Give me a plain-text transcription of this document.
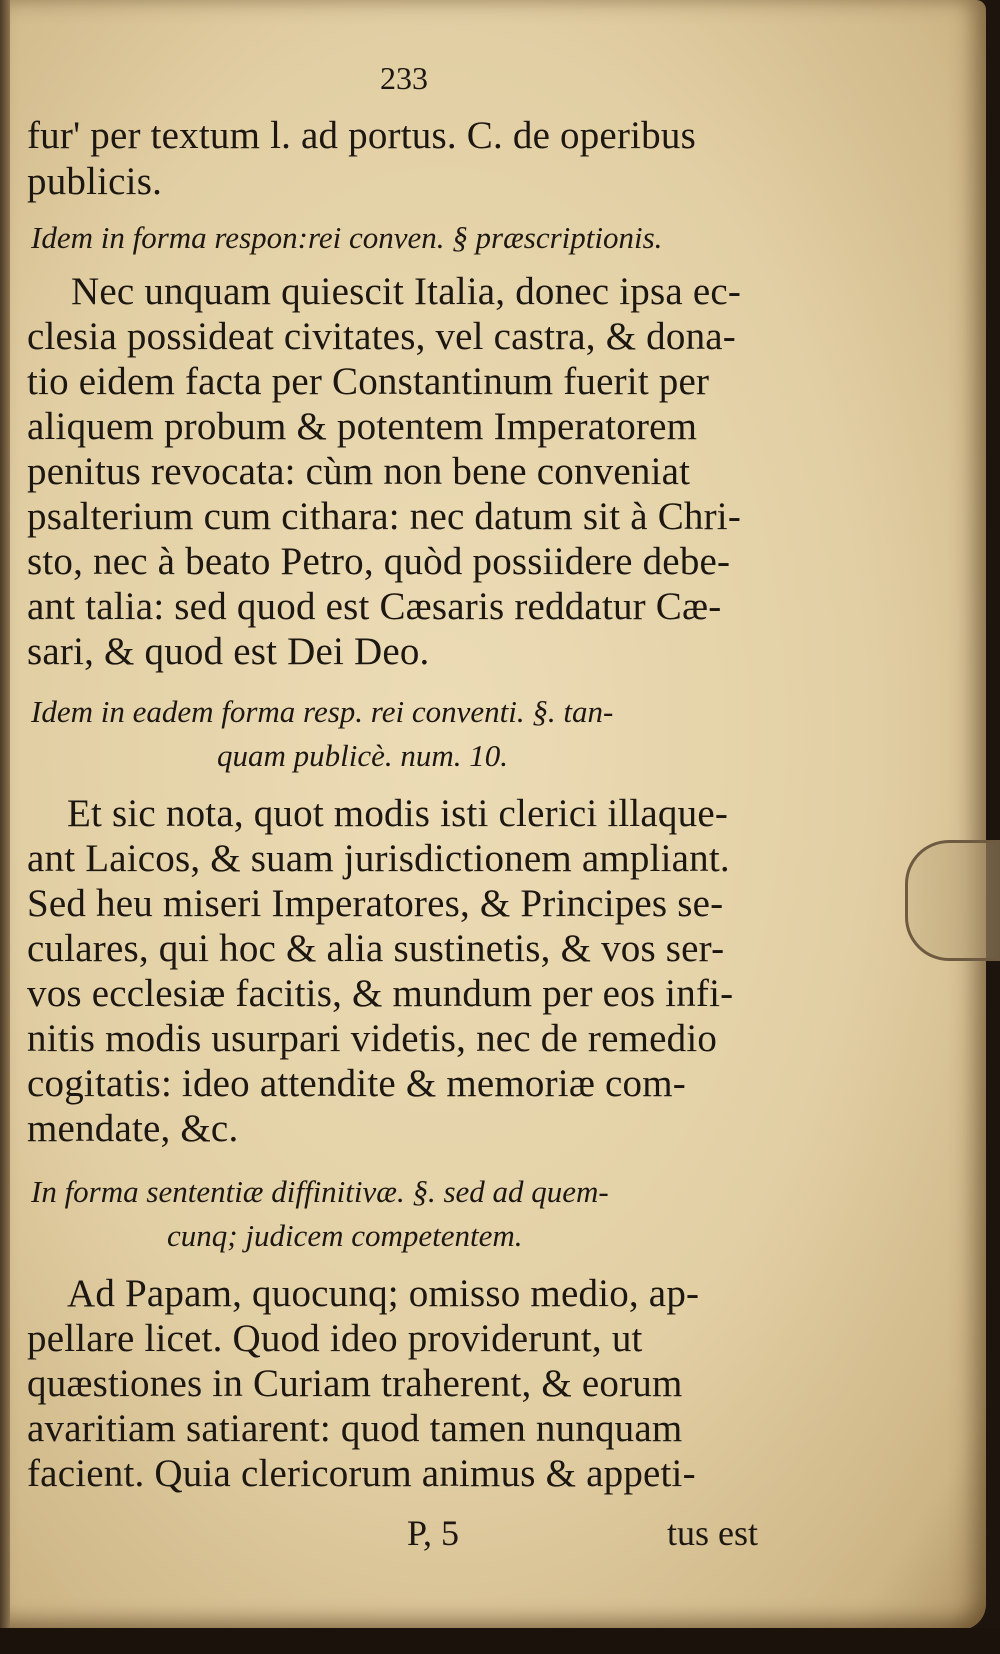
233
fur' per textum l. ad portus. C. de operibus
publicis.
Idem in forma respon:rei conven. § præscriptionis.
Nec unquam quiescit Italia, donec ipsa ec-
clesia possideat civitates, vel castra, & dona-
tio eidem facta per Constantinum fuerit per
aliquem probum & potentem Imperatorem
penitus revocata: cùm non bene conveniat
psalterium cum cithara: nec datum sit à Chri-
sto, nec à beato Petro, quòd possiidere debe-
ant talia: sed quod est Cæsaris reddatur Cæ-
sari, & quod est Dei Deo.
Idem in eadem forma resp. rei conventi. §. tan-
quam publicè. num. 10.
Et sic nota, quot modis isti clerici illaque-
ant Laicos, & suam jurisdictionem ampliant.
Sed heu miseri Imperatores, & Principes se-
culares, qui hoc & alia sustinetis, & vos ser-
vos ecclesiæ facitis, & mundum per eos infi-
nitis modis usurpari videtis, nec de remedio
cogitatis: ideo attendite & memoriæ com-
mendate, &c.
In forma sententiæ diffinitivæ. §. sed ad quem-
cunq; judicem competentem.
Ad Papam, quocunq; omisso medio, ap-
pellare licet. Quod ideo providerunt, ut
quæstiones in Curiam traherent, & eorum
avaritiam satiarent: quod tamen nunquam
facient. Quia clericorum animus & appeti-
P, 5	tus est
